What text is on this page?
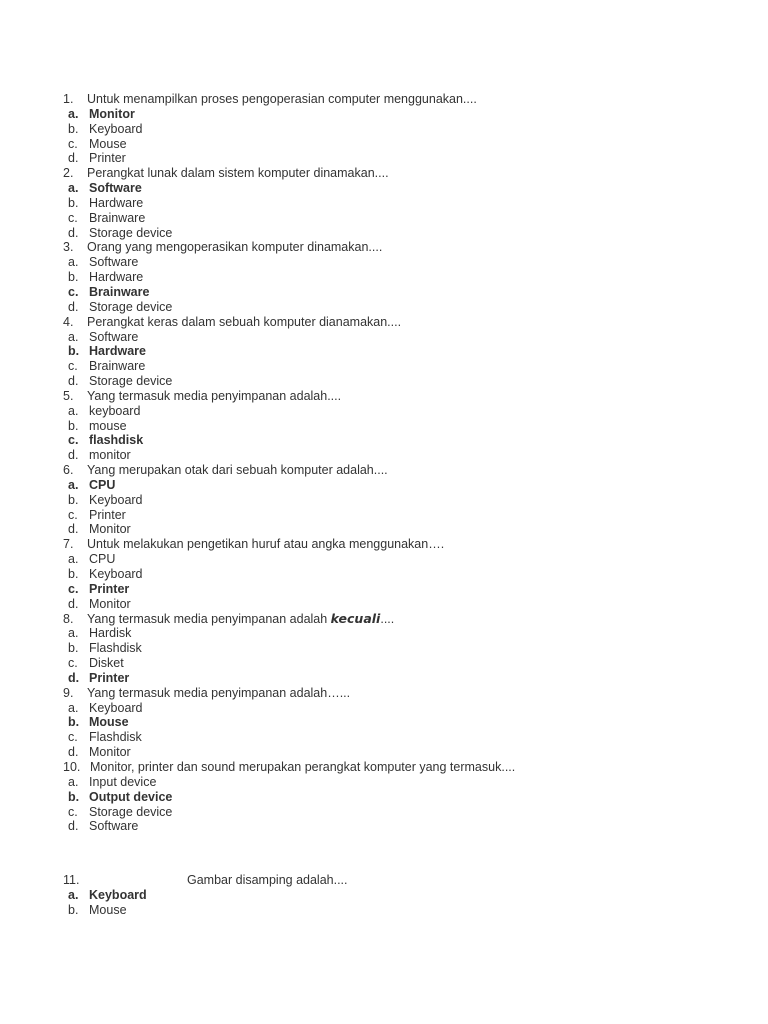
1. Untuk menampilkan proses pengoperasian computer menggunakan....
a. Monitor
b. Keyboard
c. Mouse
d. Printer
2. Perangkat lunak dalam sistem komputer dinamakan....
a. Software
b. Hardware
c. Brainware
d. Storage device
3. Orang yang mengoperasikan komputer dinamakan....
a. Software
b. Hardware
c. Brainware
d. Storage device
4. Perangkat keras dalam sebuah komputer dianamakan....
a. Software
b. Hardware
c. Brainware
d. Storage device
5. Yang termasuk media penyimpanan adalah....
a. keyboard
b. mouse
c. flashdisk
d. monitor
6. Yang merupakan otak dari sebuah komputer adalah....
a. CPU
b. Keyboard
c. Printer
d. Monitor
7. Untuk melakukan pengetikan huruf atau angka menggunakan….
a. CPU
b. Keyboard
c. Printer
d. Monitor
8. Yang termasuk media penyimpanan adalah kecuali....
a. Hardisk
b. Flashdisk
c. Disket
d. Printer
9. Yang termasuk media penyimpanan adalah…...
a. Keyboard
b. Mouse
c. Flashdisk
d. Monitor
10. Monitor, printer dan sound merupakan perangkat komputer yang termasuk....
a. Input device
b. Output device
c. Storage device
d. Software
11.	Gambar disamping adalah....
a. Keyboard
b. Mouse
